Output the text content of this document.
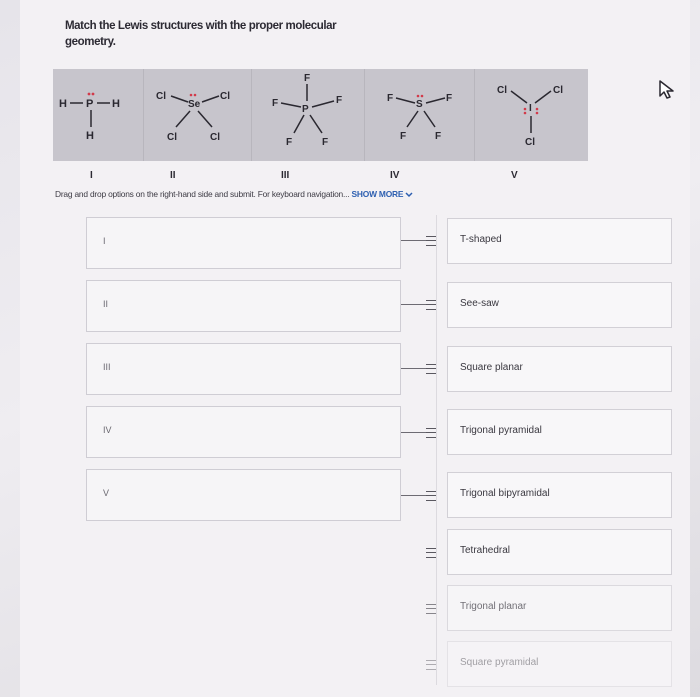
Match the Lewis structures with the proper molecular geometry.
H P H
H
Cl
Se
Cl
Cl	Cl
F
F
P
F
F	F
F
S
F
F	F
Cl
I
Cl
Cl
I	II	III	IV	V
Drag and drop options on the right-hand side and submit. For keyboard navigation... SHOW MORE
I
II
III
IV
V
T-shaped
See-saw
Square planar
Trigonal pyramidal
Trigonal bipyramidal
Tetrahedral
Trigonal planar
Square pyramidal
